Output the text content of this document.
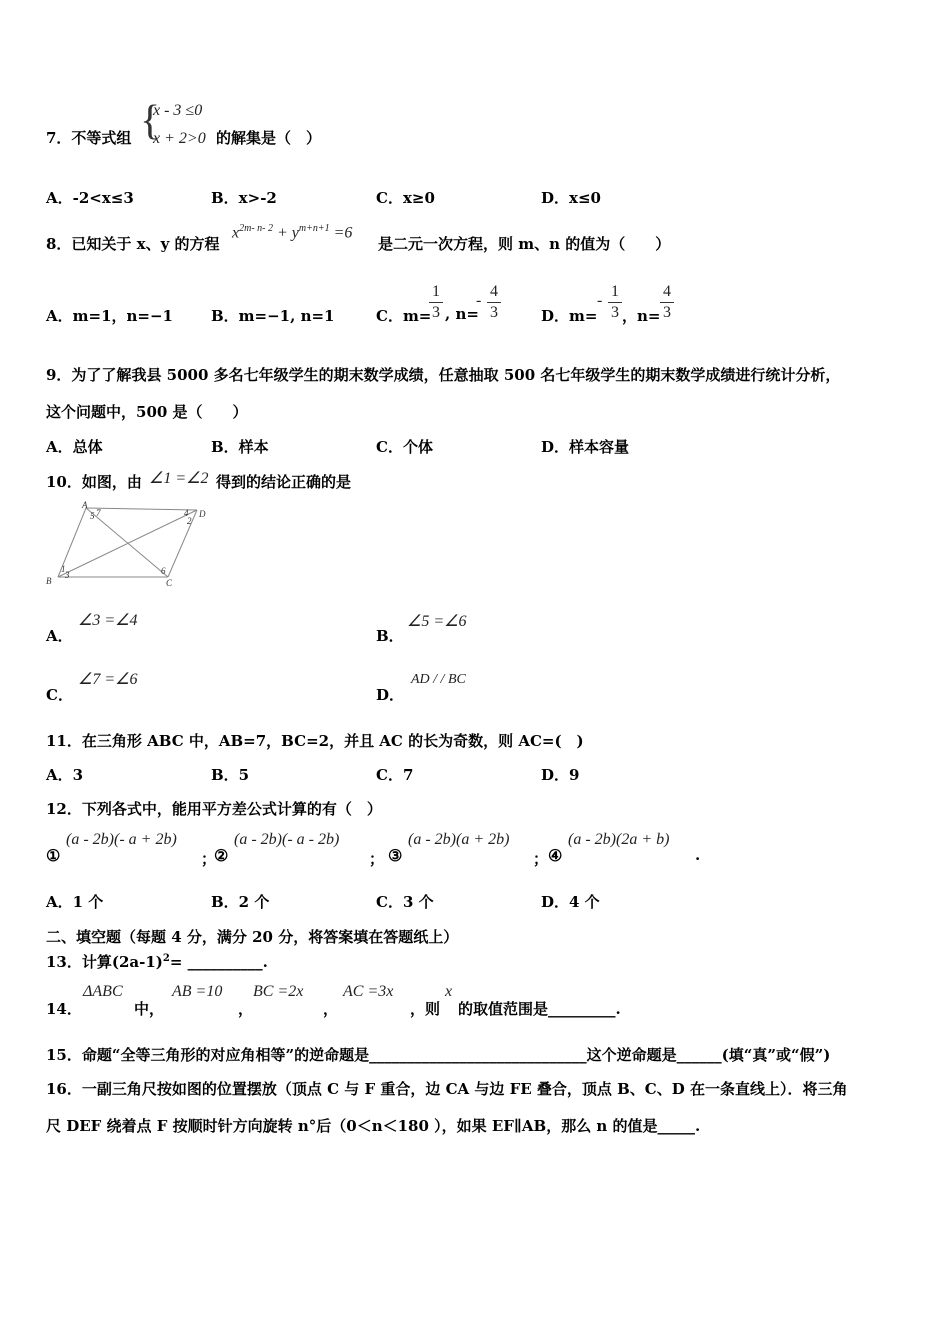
7．不等式组 {
x - 3 ≤0
x + 2>0 的解集是（　）
A．-2<x≤3	B．x>-2	C．x≥0	D．x≤0
8．已知关于 x、y 的方程
$x^{2m- n- 2} + y^{m+n+1} =6$
是二元一次方程，则 m、n 的值为（　　）
A．m=1，n=−1	B．m=−1, n=1	C．m=
$\frac{1}{3}$ , n=
- $\frac{4}{3}$	D．m=
- $\frac{1}{3}$ ，$n= \frac{4}{3}$
9．为了了解我县 5000 多名七年级学生的期末数学成绩，任意抽取 500 名七年级学生的期末数学成绩进行统计分析，
这个问题中，500 是（　　）
A．总体	B．样本	C．个体	D．样本容量
10．如图，由 ∠1 =∠2 得到的结论正确的是
A
5 7	4
2
D
B
1
3	6
C
A．
∠3 =∠4
B．
∠5 =∠6
C．
∠7 =∠6
D．
AD / / BC
11．在三角形 ABC 中，AB=7，BC=2，并且 AC 的长为奇数，则 AC=(　)
A．3	B．5	C．7	D．9
12．下列各式中，能用平方差公式计算的有（　）
①
(a - 2b)(- a + 2b)
；
②
(a - 2b)(- a - 2b)
； ③
(a - 2b)(a + 2b)
； ④
(a - 2b)(2a + b)
.
A．1 个	B．2 个	C．3 个	D．4 个
二、填空题（每题 4 分，满分 20 分，将答案填在答题纸上）
13．计算$(2a-1)^2=$ __________.
14．
ΔABC
中，
AB =10
，
BC =2x
，
AC =3x
，则
x
的取值范围是_________.
15．命题“全等三角形的对应角相等”的逆命题是_____________________________这个逆命题是______(填“真”或“假”)
16．一副三角尺按如图的位置摆放（顶点 C 与 F 重合，边 CA 与边 FE 叠合，顶点 B、C、D 在一条直线上）．将三角
尺 DEF 绕着点 F 按顺时针方向旋转 n°后（0＜n＜180 ），如果 EF∥AB，那么 n 的值是_____.
